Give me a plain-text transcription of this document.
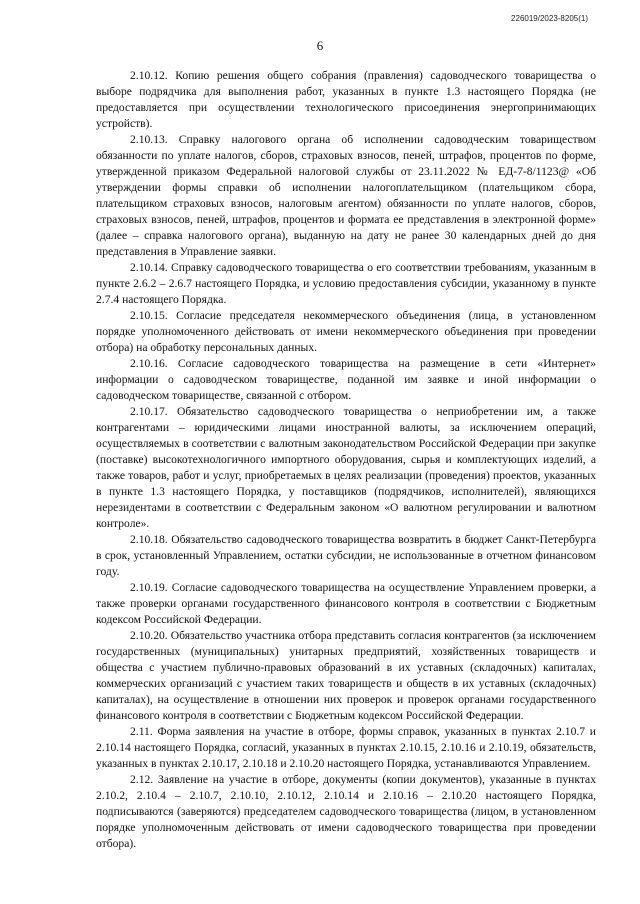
226019/2023-8205(1)
6

2.10.12. Копию решения общего собрания (правления) садоводческого товарищества о выборе подрядчика для выполнения работ, указанных в пункте 1.3 настоящего Порядка (не предоставляется при осуществлении технологического присоединения энергопринимающих устройств).

2.10.13. Справку налогового органа об исполнении садоводческим товариществом обязанности по уплате налогов, сборов, страховых взносов, пеней, штрафов, процентов по форме, утвержденной приказом Федеральной налоговой службы от 23.11.2022 № ЕД-7-8/1123@ «Об утверждении формы справки об исполнении налогоплательщиком (плательщиком сбора, плательщиком страховых взносов, налоговым агентом) обязанности по уплате налогов, сборов, страховых взносов, пеней, штрафов, процентов и формата ее представления в электронной форме» (далее – справка налогового органа), выданную на дату не ранее 30 календарных дней до дня представления в Управление заявки.

2.10.14. Справку садоводческого товарищества о его соответствии требованиям, указанным в пункте 2.6.2 – 2.6.7 настоящего Порядка, и условию предоставления субсидии, указанному в пункте 2.7.4 настоящего Порядка.

2.10.15. Согласие председателя некоммерческого объединения (лица, в установленном порядке уполномоченного действовать от имени некоммерческого объединения при проведении отбора) на обработку персональных данных.

2.10.16. Согласие садоводческого товарищества на размещение в сети «Интернет» информации о садоводческом товариществе, поданной им заявке и иной информации о садоводческом товариществе, связанной с отбором.

2.10.17. Обязательство садоводческого товарищества о неприобретении им, а также контрагентами – юридическими лицами иностранной валюты, за исключением операций, осуществляемых в соответствии с валютным законодательством Российской Федерации при закупке (поставке) высокотехнологичного импортного оборудования, сырья и комплектующих изделий, а также товаров, работ и услуг, приобретаемых в целях реализации (проведения) проектов, указанных в пункте 1.3 настоящего Порядка, у поставщиков (подрядчиков, исполнителей), являющихся нерезидентами в соответствии с Федеральным законом «О валютном регулировании и валютном контроле».

2.10.18. Обязательство садоводческого товарищества возвратить в бюджет Санкт-Петербурга в срок, установленный Управлением, остатки субсидии, не использованные в отчетном финансовом году.

2.10.19. Согласие садоводческого товарищества на осуществление Управлением проверки, а также проверки органами государственного финансового контроля в соответствии с Бюджетным кодексом Российской Федерации.

2.10.20. Обязательство участника отбора представить согласия контрагентов (за исключением государственных (муниципальных) унитарных предприятий, хозяйственных товариществ и общества с участием публично-правовых образований в их уставных (складочных) капиталах, коммерческих организаций с участием таких товариществ и обществ в их уставных (складочных) капиталах), на осуществление в отношении них проверок и проверок органами государственного финансового контроля в соответствии с Бюджетным кодексом Российской Федерации.

2.11. Форма заявления на участие в отборе, формы справок, указанных в пунктах 2.10.7 и 2.10.14 настоящего Порядка, согласий, указанных в пунктах 2.10.15, 2.10.16 и 2.10.19, обязательств, указанных в пунктах 2.10.17, 2.10.18 и 2.10.20 настоящего Порядка, устанавливаются Управлением.

2.12. Заявление на участие в отборе, документы (копии документов), указанные в пунктах 2.10.2, 2.10.4 – 2.10.7, 2.10.10, 2.10.12, 2.10.14 и 2.10.16 – 2.10.20 настоящего Порядка, подписываются (заверяются) председателем садоводческого товарищества (лицом, в установленном порядке уполномоченным действовать от имени садоводческого товарищества при проведении отбора).
